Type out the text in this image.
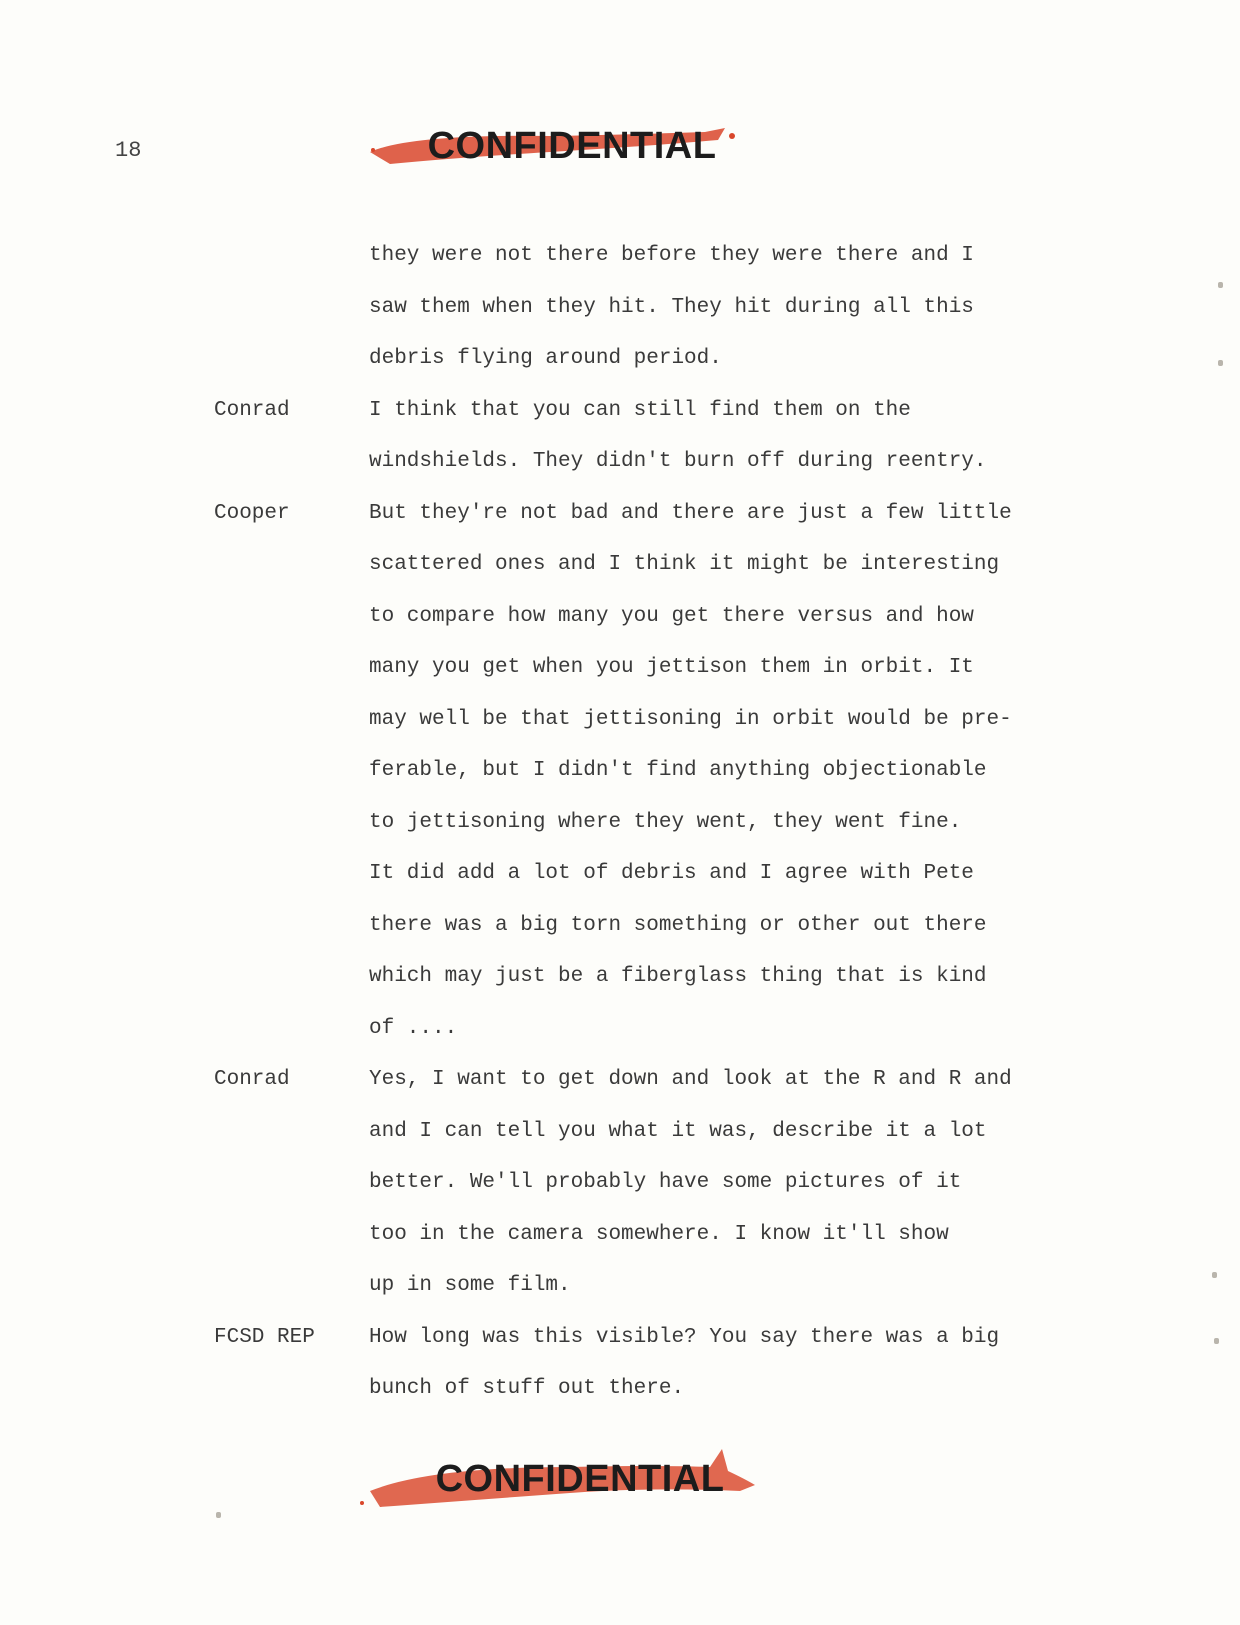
18	CONFIDENTIAL
they were not there before they were there and I
saw them when they hit. They hit during all this
debris flying around period.
Conrad	I think that you can still find them on the
windshields. They didn't burn off during reentry.
Cooper	But they're not bad and there are just a few little
scattered ones and I think it might be interesting
to compare how many you get there versus and how
many you get when you jettison them in orbit. It
may well be that jettisoning in orbit would be pre-
ferable, but I didn't find anything objectionable
to jettisoning where they went, they went fine.
It did add a lot of debris and I agree with Pete
there was a big torn something or other out there
which may just be a fiberglass thing that is kind
of ....
Conrad	Yes, I want to get down and look at the R and R and
and I can tell you what it was, describe it a lot
better. We'll probably have some pictures of it
too in the camera somewhere. I know it'll show
up in some film.
FCSD REP	How long was this visible? You say there was a big
bunch of stuff out there.
CONFIDENTIAL
